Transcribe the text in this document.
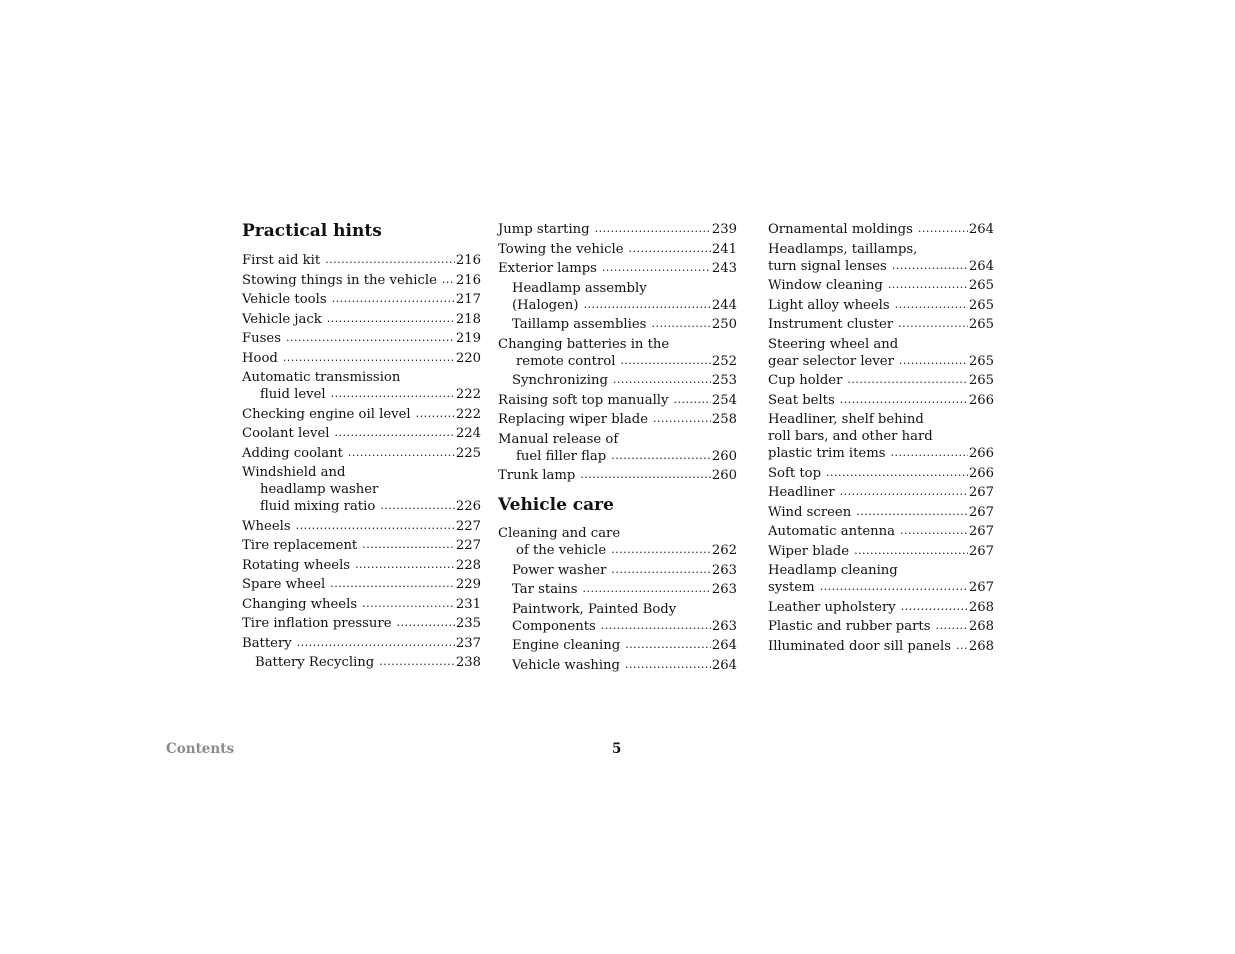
Practical hints
First aid kit .....	216
Stowing things in the vehicle ..... 216
Vehicle tools .....	217
Vehicle jack .....	218
Fuses .....	219
Hood .....	220
Automatic transmission
fluid level .....	222
Checking engine oil level .....	222
Coolant level .....	224
Adding coolant .....	225
Windshield and
headlamp washer
fluid mixing ratio .....	226
Wheels .....	227
Tire replacement .....	227
Rotating wheels .....	228
Spare wheel .....	229
Changing wheels .....	231
Tire inflation pressure .....	235
Battery .....	237
Battery Recycling .....	238
Jump starting .....	239
Towing the vehicle .....	241
Exterior lamps .....	243
Headlamp assembly
(Halogen) .....	244
Taillamp assemblies .....	250
Changing batteries in the
remote control .....	252
Synchronizing .....	253
Raising soft top manually .....	254
Replacing wiper blade .....	258
Manual release of
fuel filler flap .....	260
Trunk lamp .....	260
Vehicle care
Cleaning and care
of the vehicle .....	262
Power washer .....	263
Tar stains .....	263
Paintwork, Painted Body
Components .....	263
Engine cleaning .....	264
Vehicle washing .....	264
Ornamental moldings .....	264
Headlamps, taillamps,
turn signal lenses .....	264
Window cleaning .....	265
Light alloy wheels .....	265
Instrument cluster .....	265
Steering wheel and
gear selector lever .....	265
Cup holder .....	265
Seat belts .....	266
Headliner, shelf behind
roll bars, and other hard
plastic trim items .....	266
Soft top .....	266
Headliner .....	267
Wind screen .....	267
Automatic antenna .....	267
Wiper blade .....	267
Headlamp cleaning
system .....	267
Leather upholstery .....	268
Plastic and rubber parts .....	268
Illuminated door sill panels ..... 268
Contents	5
